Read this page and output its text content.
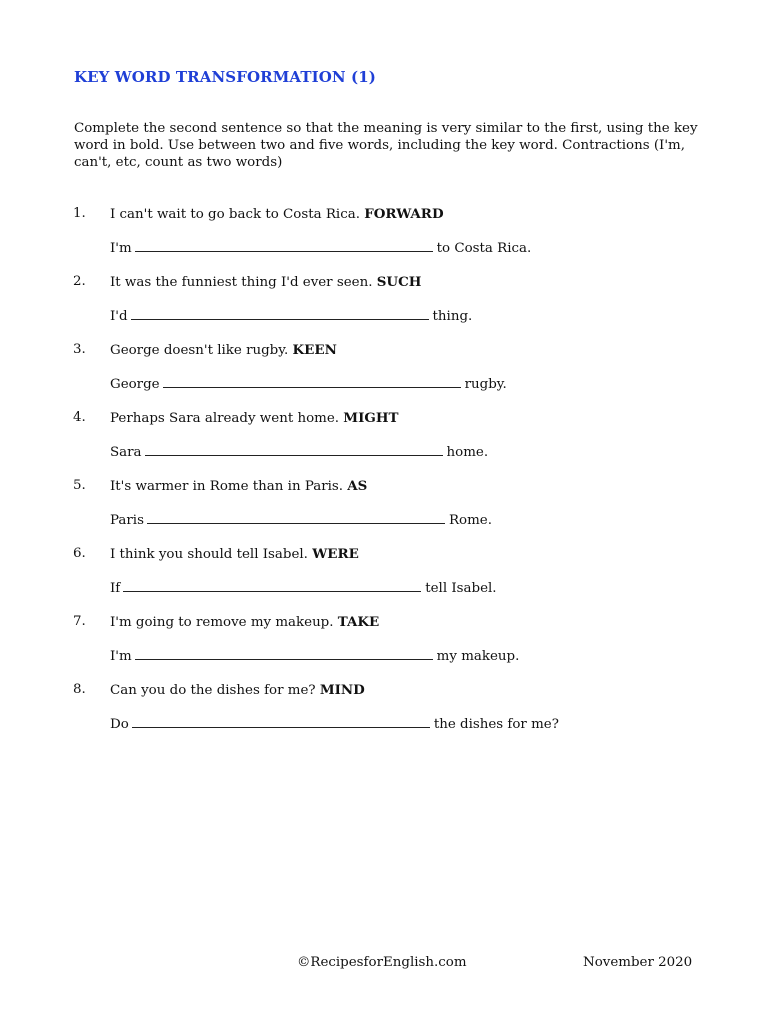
KEY WORD TRANSFORMATION (1)
Complete the second sentence so that the meaning is very similar to the first, using the key word in bold. Use between two and five words, including the key word. Contractions (I'm, can't, etc, count as two words)
1. I can't wait to go back to Costa Rica. FORWARD
I'm	to Costa Rica.
2. It was the funniest thing I'd ever seen. SUCH
I'd	thing.
3. George doesn't like rugby. KEEN
George	rugby.
4. Perhaps Sara already went home. MIGHT
Sara	home.
5. It's warmer in Rome than in Paris. AS
Paris	Rome.
6. I think you should tell Isabel. WERE
If	tell Isabel.
7. I'm going to remove my makeup. TAKE
I'm	my makeup.
8. Can you do the dishes for me? MIND
Do	the dishes for me?
©RecipesforEnglish.com	November 2020
